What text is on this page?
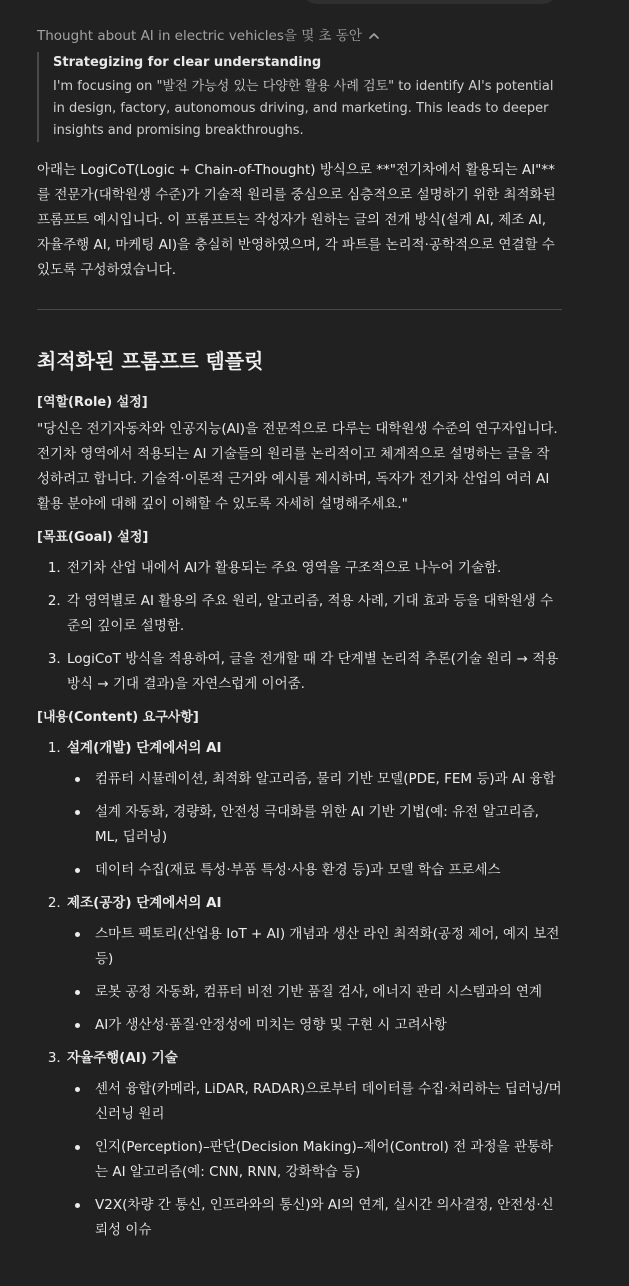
Thought about AI in electric vehicles을 몇 초 동안
Strategizing for clear understanding
I'm focusing on "발전 가능성 있는 다양한 활용 사례 검토" to identify AI's potential in design, factory, autonomous driving, and marketing. This leads to deeper insights and promising breakthroughs.

아래는 LogiCoT(Logic + Chain-of-Thought) 방식으로 **"전기차에서 활용되는 AI"**를 전문가(대학원생 수준)가 기술적 원리를 중심으로 심층적으로 설명하기 위한 최적화된 프롬프트 예시입니다. 이 프롬프트는 작성자가 원하는 글의 전개 방식(설계 AI, 제조 AI, 자율주행 AI, 마케팅 AI)을 충실히 반영하였으며, 각 파트를 논리적·공학적으로 연결할 수 있도록 구성하였습니다.

최적화된 프롬프트 템플릿
[역할(Role) 설정]

"당신은 전기자동차와 인공지능(AI)을 전문적으로 다루는 대학원생 수준의 연구자입니다. 전기차 영역에서 적용되는 AI 기술들의 원리를 논리적이고 체계적으로 설명하는 글을 작성하려고 합니다. 기술적·이론적 근거와 예시를 제시하며, 독자가 전기차 산업의 여러 AI 활용 분야에 대해 깊이 이해할 수 있도록 자세히 설명해주세요."

[목표(Goal) 설정]
1. 전기차 산업 내에서 AI가 활용되는 주요 영역을 구조적으로 나누어 기술함.
2. 각 영역별로 AI 활용의 주요 원리, 알고리즘, 적용 사례, 기대 효과 등을 대학원생 수준의 깊이로 설명함.
3. LogiCoT 방식을 적용하여, 글을 전개할 때 각 단계별 논리적 추론(기술 원리 → 적용 방식 → 기대 결과)을 자연스럽게 이어줌.
[내용(Content) 요구사항]
1. 설계(개발) 단계에서의 AI
컴퓨터 시뮬레이션, 최적화 알고리즘, 물리 기반 모델(PDE, FEM 등)과 AI 융합
설계 자동화, 경량화, 안전성 극대화를 위한 AI 기반 기법(예: 유전 알고리즘, ML, 딥러닝)
데이터 수집(재료 특성·부품 특성·사용 환경 등)과 모델 학습 프로세스
2. 제조(공장) 단계에서의 AI
스마트 팩토리(산업용 IoT + AI) 개념과 생산 라인 최적화(공정 제어, 예지 보전 등)
로봇 공정 자동화, 컴퓨터 비전 기반 품질 검사, 에너지 관리 시스템과의 연계
AI가 생산성·품질·안정성에 미치는 영향 및 구현 시 고려사항
3. 자율주행(AI) 기술
센서 융합(카메라, LiDAR, RADAR)으로부터 데이터를 수집·처리하는 딥러닝/머신러닝 원리
인지(Perception)–판단(Decision Making)–제어(Control) 전 과정을 관통하는 AI 알고리즘(예: CNN, RNN, 강화학습 등)
V2X(차량 간 통신, 인프라와의 통신)와 AI의 연계, 실시간 의사결정, 안전성·신뢰성 이슈
